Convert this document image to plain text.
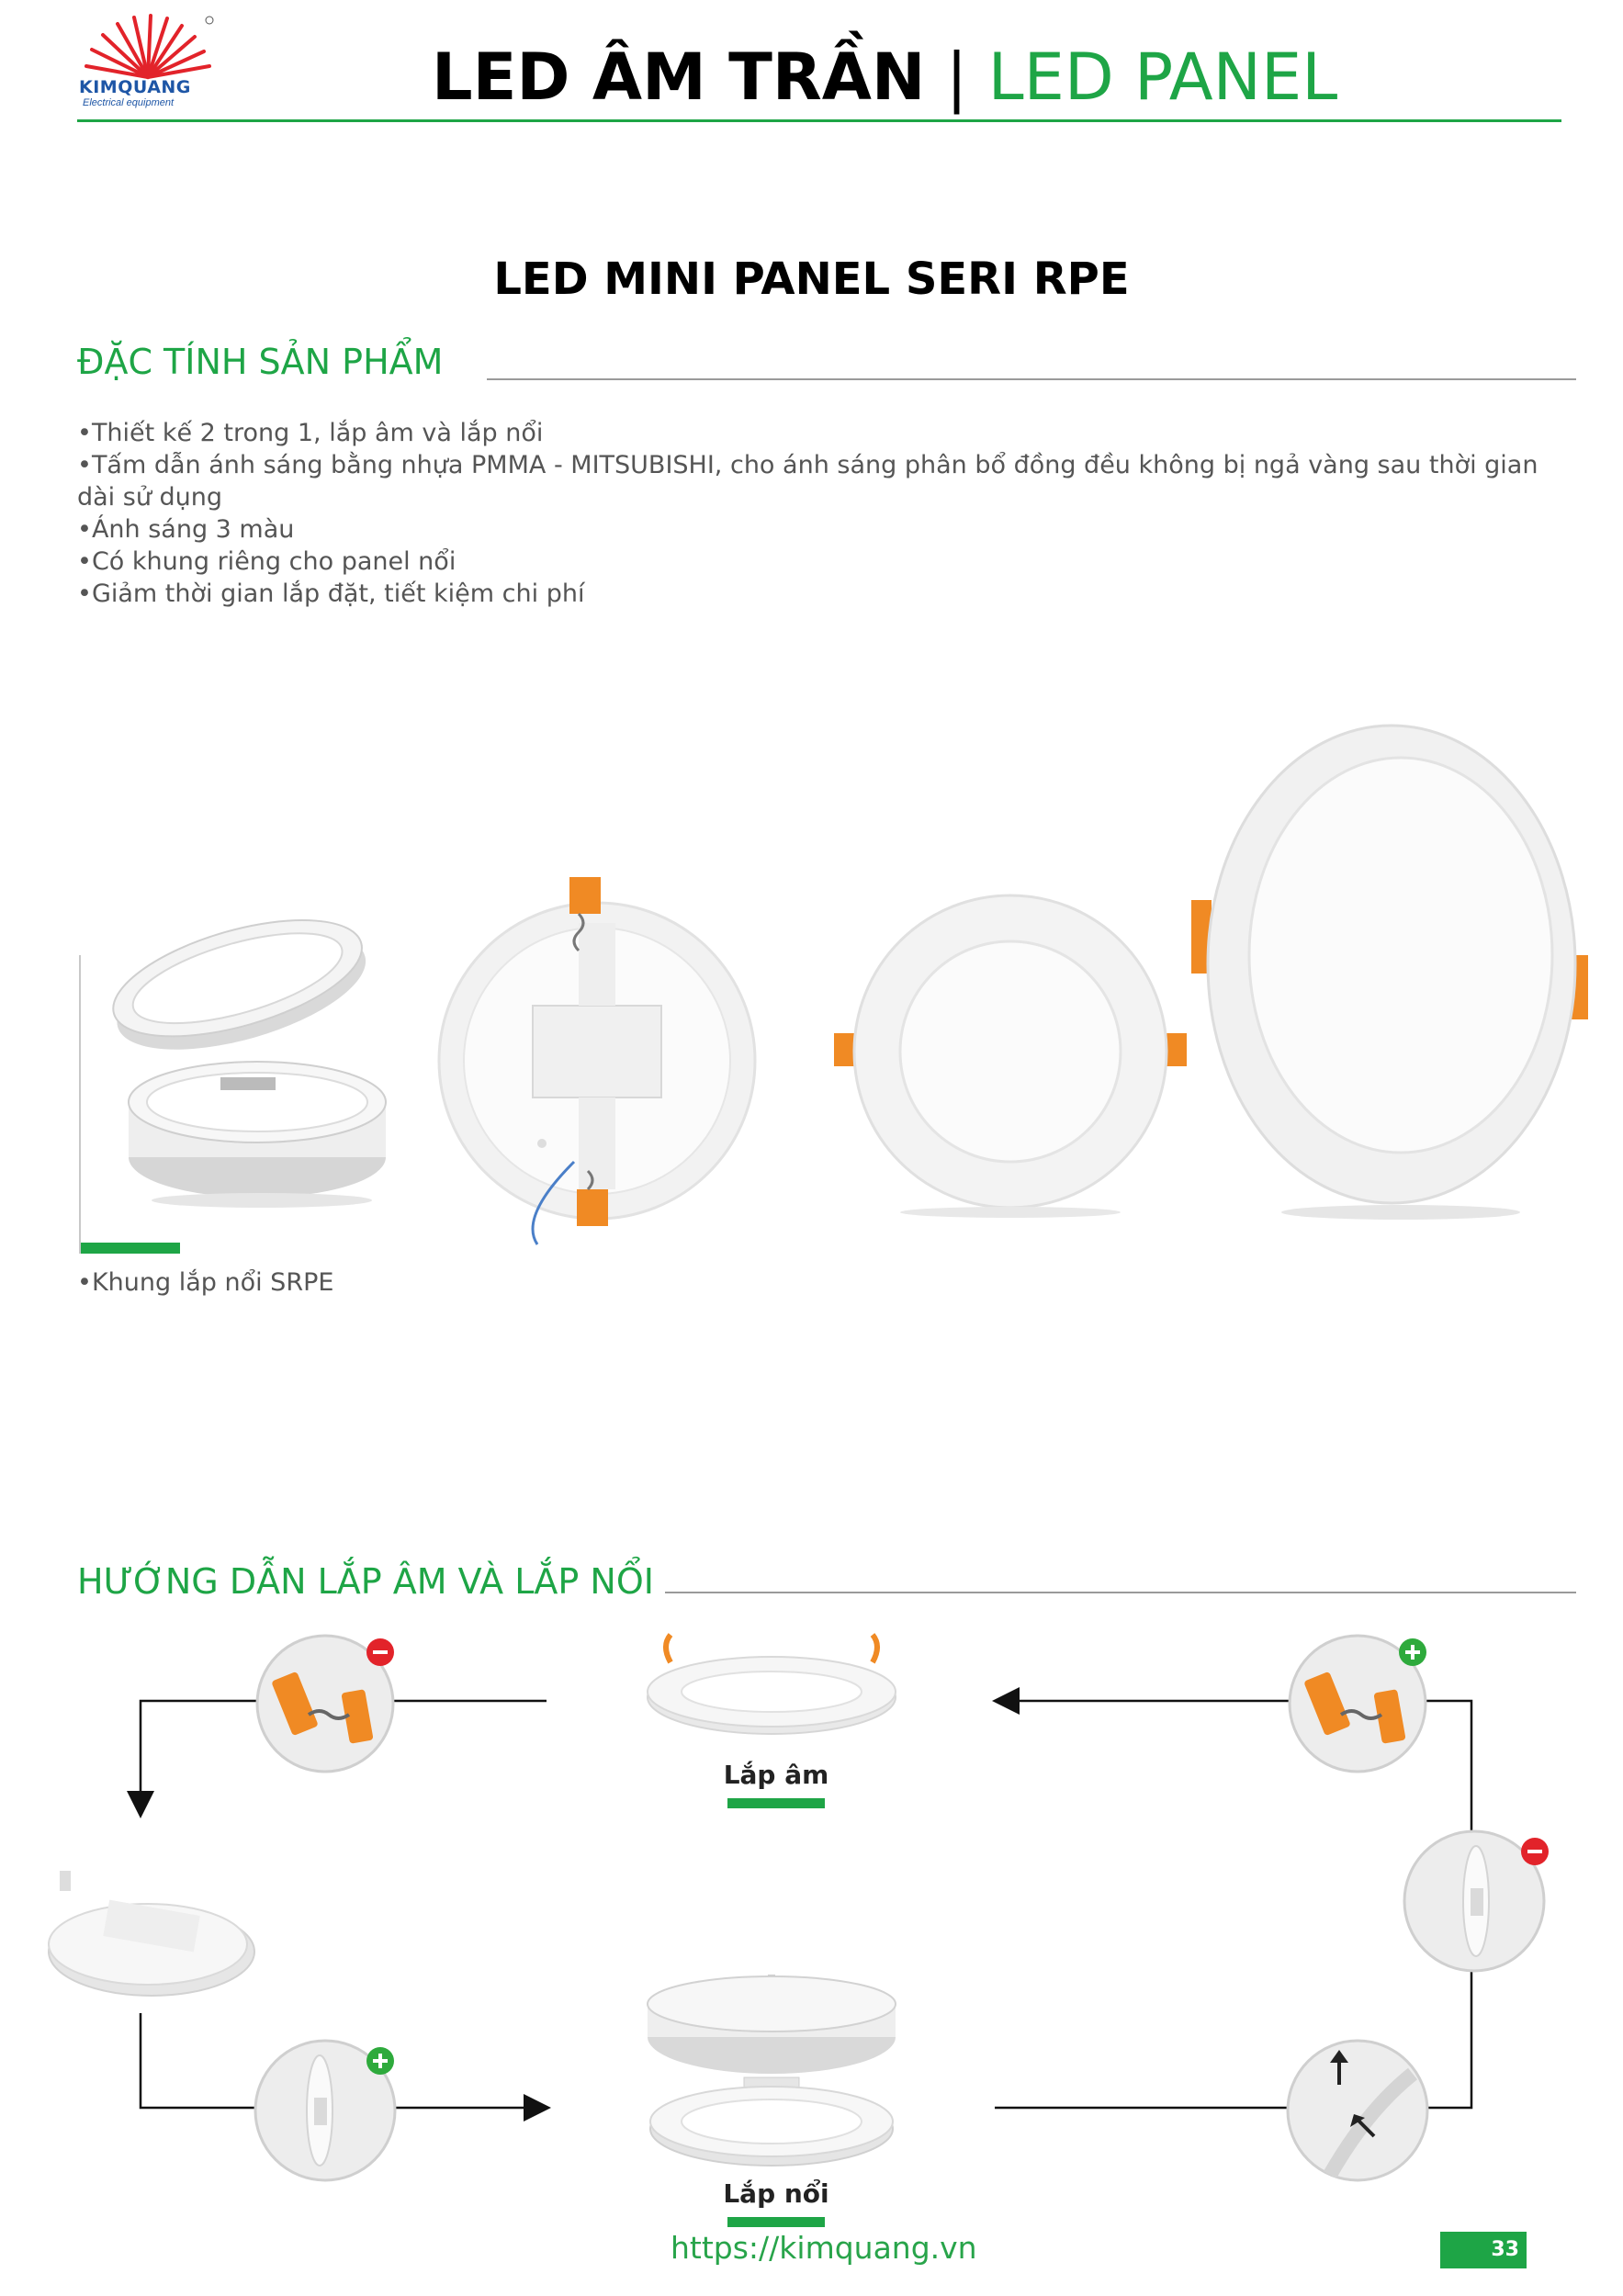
KIMQUANG
Electrical equipment	LED ÂM TRẦN | LED PANEL
LED MINI PANEL SERI RPE
ĐẶC TÍNH SẢN PHẨM
• Thiết kế 2 trong 1, lắp âm và lắp nổi
• Tấm dẫn ánh sáng bằng nhựa PMMA - MITSUBISHI, cho ánh sáng phân bổ đồng đều không bị ngả vàng sau thời gian dài sử dụng
• Ánh sáng 3 màu
• Có khung riêng cho panel nổi
• Giảm thời gian lắp đặt, tiết kiệm chi phí
• Khung lắp nổi SRPE
HƯỚNG DẪN LẮP ÂM VÀ LẮP NỔI
Lắp âm
Lắp nổi
https://kimquang.vn	33
